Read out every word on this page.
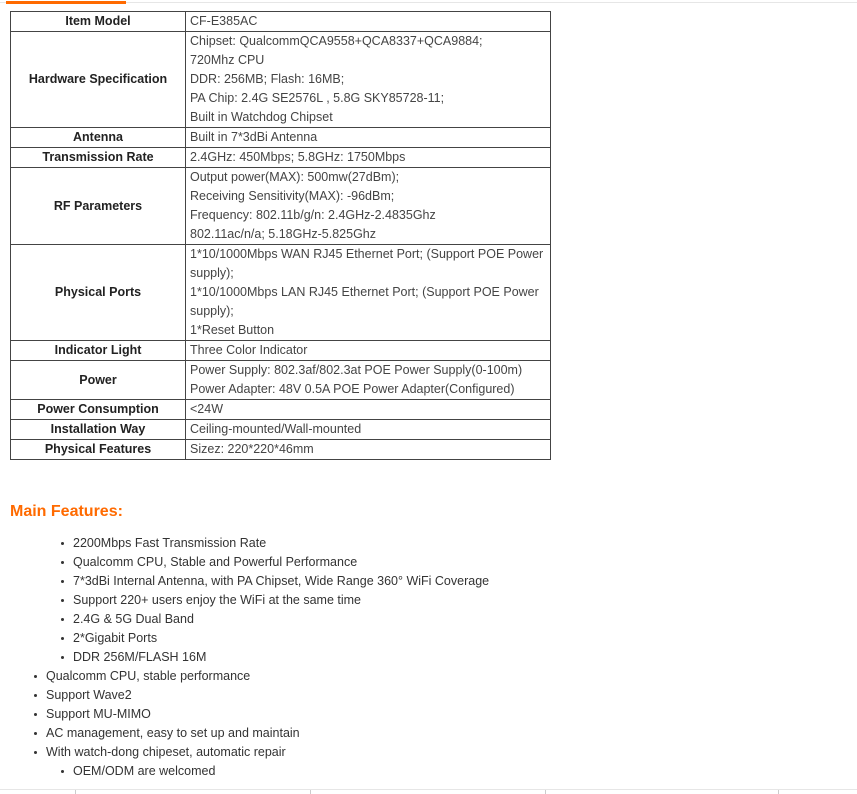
Item Model	CF-E385AC

Hardware Specification	Chipset: QualcommQCA9558+QCA8337+QCA9884;
720Mhz CPU
DDR: 256MB; Flash: 16MB;
PA Chip: 2.4G SE2576L , 5.8G SKY85728-11;
Built in Watchdog Chipset

Antenna	Built in 7*3dBi Antenna

Transmission Rate	2.4GHz: 450Mbps; 5.8GHz: 1750Mbps

RF Parameters	Output power(MAX): 500mw(27dBm);
Receiving Sensitivity(MAX): -96dBm;
Frequency: 802.11b/g/n: 2.4GHz-2.4835Ghz
802.11ac/n/a; 5.18GHz-5.825Ghz

Physical Ports	1*10/1000Mbps WAN RJ45 Ethernet Port; (Support POE Power
supply);
1*10/1000Mbps LAN RJ45 Ethernet Port; (Support POE Power
supply);
1*Reset Button

Indicator Light	Three Color Indicator

Power	Power Supply: 802.3af/802.3at POE Power Supply(0-100m)
Power Adapter: 48V 0.5A POE Power Adapter(Configured)

Power Consumption	<24W

Installation Way	Ceiling-mounted/Wall-mounted

Physical Features	Sizez: 220*220*46mm
Main Features:
2200Mbps Fast Transmission Rate
Qualcomm CPU, Stable and Powerful Performance
7*3dBi Internal Antenna, with PA Chipset, Wide Range 360° WiFi Coverage
Support 220+ users enjoy the WiFi at the same time
2.4G & 5G Dual Band
2*Gigabit Ports
DDR 256M/FLASH 16M
Qualcomm CPU, stable performance
Support Wave2
Support MU-MIMO
AC management, easy to set up and maintain
With watch-dong chipeset, automatic repair
OEM/ODM are welcomed
